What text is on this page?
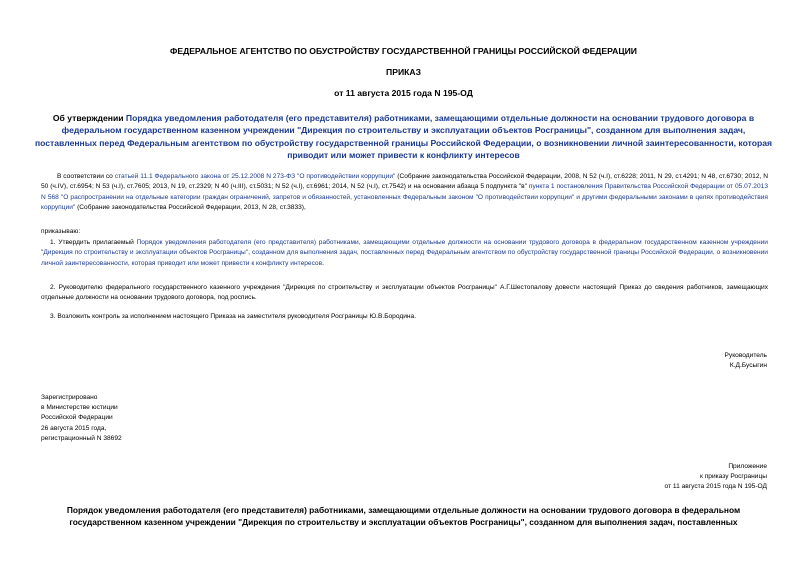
ФЕДЕРАЛЬНОЕ АГЕНТСТВО ПО ОБУСТРОЙСТВУ ГОСУДАРСТВЕННОЙ ГРАНИЦЫ РОССИЙСКОЙ ФЕДЕРАЦИИ
ПРИКАЗ
от 11 августа 2015 года N 195-ОД
Об утверждении Порядка уведомления работодателя (его представителя) работниками, замещающими отдельные должности на основании трудового договора в федеральном государственном казенном учреждении "Дирекция по строительству и эксплуатации объектов Росграницы", созданном для выполнения задач, поставленных перед Федеральным агентством по обустройству государственной границы Российской Федерации, о возникновении личной заинтересованности, которая приводит или может привести к конфликту интересов
В соответствии со статьей 11.1 Федерального закона от 25.12.2008 N 273-ФЗ "О противодействии коррупции" (Собрание законодательства Российской Федерации, 2008, N 52 (ч.I), ст.6228; 2011, N 29, ст.4291; N 48, ст.6730; 2012, N 50 (ч.IV), ст.6954; N 53 (ч.I), ст.7605; 2013, N 19, ст.2329; N 40 (ч.III), ст.5031; N 52 (ч.I), ст.6961; 2014, N 52 (ч.I), ст.7542) и на основании абзаца 5 подпункта "в" пункта 1 постановления Правительства Российской Федерации от 05.07.2013 N 568 "О распространении на отдельные категории граждан ограничений, запретов и обязанностей, установленных Федеральным законом "О противодействии коррупции" и другими федеральными законами в целях противодействия коррупции" (Собрание законодательства Российской Федерации, 2013, N 28, ст.3833),
приказываю:
1. Утвердить прилагаемый Порядок уведомления работодателя (его представителя) работниками, замещающими отдельные должности на основании трудового договора в федеральном государственном казенном учреждении "Дирекция по строительству и эксплуатации объектов Росграницы", созданном для выполнения задач, поставленных перед Федеральным агентством по обустройству государственной границы Российской Федерации, о возникновении личной заинтересованности, которая приводит или может привести к конфликту интересов.
2. Руководителю федерального государственного казенного учреждения "Дирекция по строительству и эксплуатации объектов Росграницы" А.Г.Шестопалову довести настоящий Приказ до сведения работников, замещающих отдельные должности на основании трудового договора, под роспись.
3. Возложить контроль за исполнением настоящего Приказа на заместителя руководителя Росграницы Ю.В.Бородина.
Руководитель
К.Д.Бусыгин
Зарегистрировано
в Министерстве юстиции
Российской Федерации
26 августа 2015 года,
регистрационный N 38692
Приложение
к приказу Росграницы
от 11 августа 2015 года N 195-ОД
Порядок уведомления работодателя (его представителя) работниками, замещающими отдельные должности на основании трудового договора в федеральном
государственном казенном учреждении "Дирекция по строительству и эксплуатации объектов Росграницы", созданном для выполнения задач, поставленных
